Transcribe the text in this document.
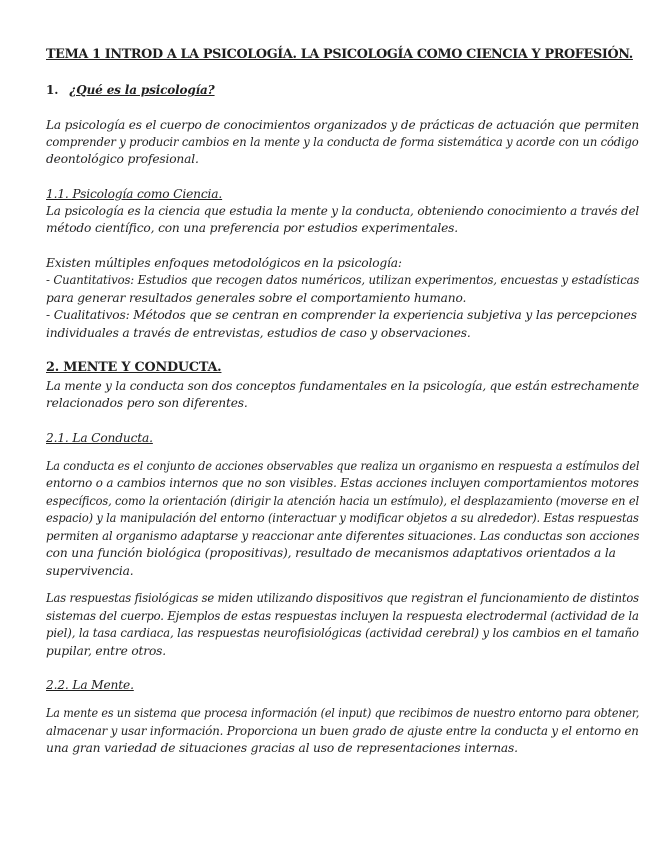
TEMA 1 INTROD A LA PSICOLOGÍA. LA PSICOLOGÍA COMO CIENCIA Y PROFESIÓN.

1. ¿Qué es la psicología?

La psicología es el cuerpo de conocimientos organizados y de prácticas de actuación que permiten

comprender y producir cambios en la mente y la conducta de forma sistemática y acorde con un código

deontológico profesional.

1.1. Psicología como Ciencia.

La psicología es la ciencia que estudia la mente y la conducta, obteniendo conocimiento a través del

método científico, con una preferencia por estudios experimentales.

Existen múltiples enfoques metodológicos en la psicología:

- Cuantitativos: Estudios que recogen datos numéricos, utilizan experimentos, encuestas y estadísticas

para generar resultados generales sobre el comportamiento humano.

- Cualitativos: Métodos que se centran en comprender la experiencia subjetiva y las percepciones

individuales a través de entrevistas, estudios de caso y observaciones.

2. MENTE Y CONDUCTA.

La mente y la conducta son dos conceptos fundamentales en la psicología, que están estrechamente

relacionados pero son diferentes.

2.1. La Conducta.

La conducta es el conjunto de acciones observables que realiza un organismo en respuesta a estímulos del

entorno o a cambios internos que no son visibles. Estas acciones incluyen comportamientos motores

específicos, como la orientación (dirigir la atención hacia un estímulo), el desplazamiento (moverse en el

espacio) y la manipulación del entorno (interactuar y modificar objetos a su alrededor). Estas respuestas

permiten al organismo adaptarse y reaccionar ante diferentes situaciones. Las conductas son acciones

con una función biológica (propositivas), resultado de mecanismos adaptativos orientados a la

supervivencia.

Las respuestas fisiológicas se miden utilizando dispositivos que registran el funcionamiento de distintos

sistemas del cuerpo. Ejemplos de estas respuestas incluyen la respuesta electrodermal (actividad de la

piel), la tasa cardiaca, las respuestas neurofisiológicas (actividad cerebral) y los cambios en el tamaño

pupilar, entre otros.

2.2. La Mente.

La mente es un sistema que procesa información (el input) que recibimos de nuestro entorno para obtener,

almacenar y usar información. Proporciona un buen grado de ajuste entre la conducta y el entorno en

una gran variedad de situaciones gracias al uso de representaciones internas.
